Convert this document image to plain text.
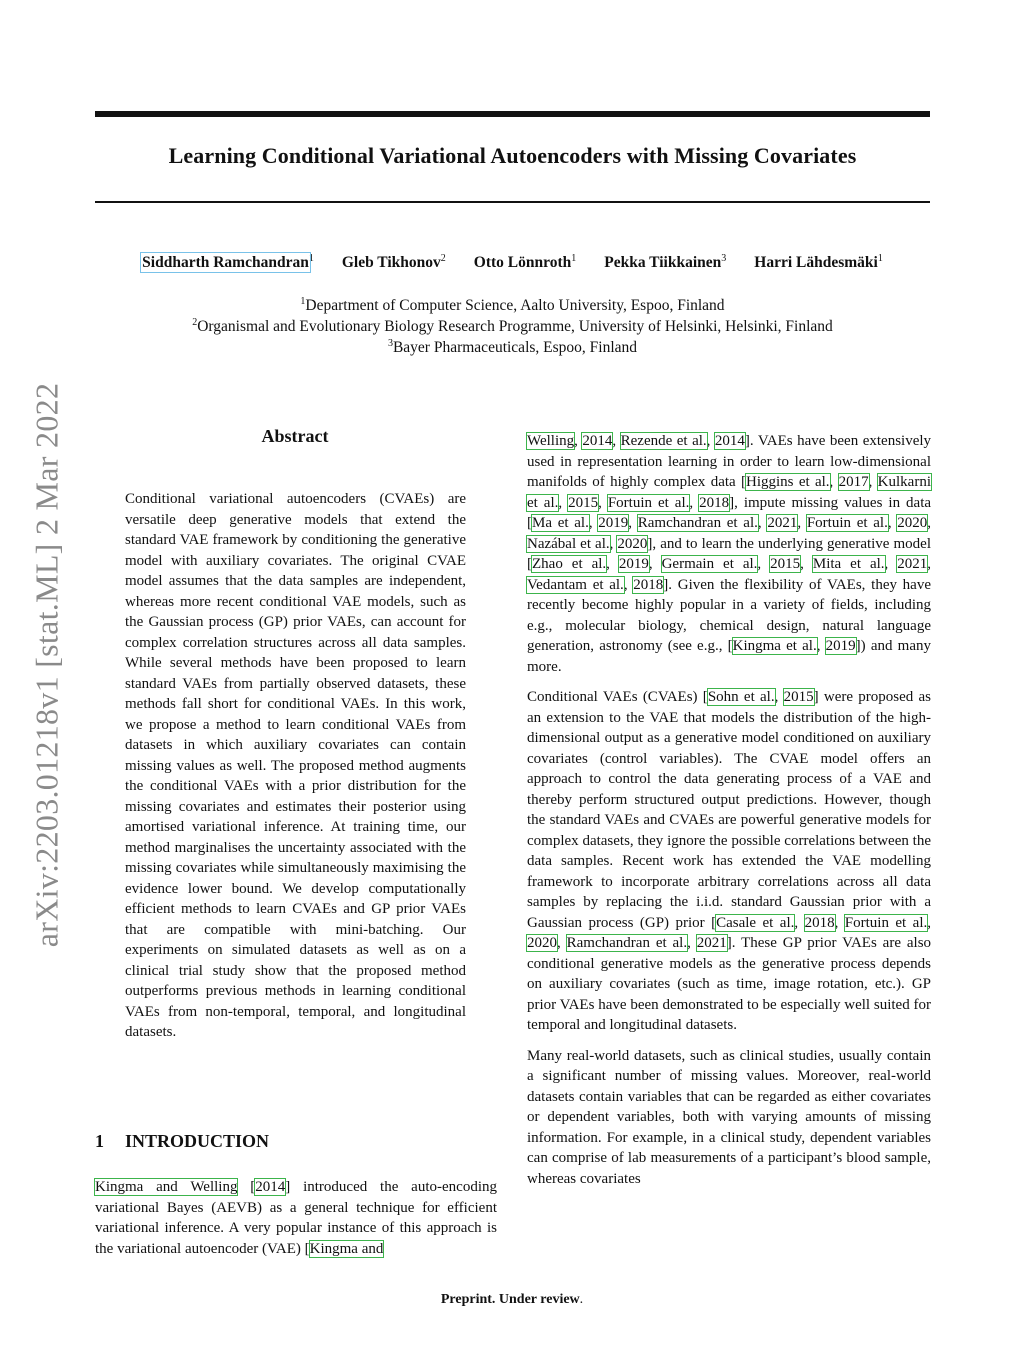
Learning Conditional Variational Autoencoders with Missing Covariates
Siddharth Ramchandran$^1$ Gleb Tikhonov$^2$ Otto Lönnroth$^1$ Pekka Tiikkainen$^3$ Harri Lähdesmäki$^1$
$^1$Department of Computer Science, Aalto University, Espoo, Finland
$^2$Organismal and Evolutionary Biology Research Programme, University of Helsinki, Helsinki, Finland
$^3$Bayer Pharmaceuticals, Espoo, Finland
arXiv:2203.01218v1 [stat.ML] 2 Mar 2022	Abstract
Conditional variational autoencoders (CVAEs) are versatile deep generative models that extend the standard VAE framework by conditioning the generative model with auxiliary covariates. The original CVAE model assumes that the data samples are independent, whereas more recent conditional VAE models, such as the Gaussian process (GP) prior VAEs, can account for complex correlation structures across all data samples. While several methods have been proposed to learn standard VAEs from partially observed datasets, these methods fall short for conditional VAEs. In this work, we propose a method to learn conditional VAEs from datasets in which auxiliary covariates can contain missing values as well. The proposed method augments the conditional VAEs with a prior distribution for the missing covariates and estimates their posterior using amortised variational inference. At training time, our method marginalises the uncertainty associated with the missing covariates while simultaneously maximising the evidence lower bound. We develop computationally efficient methods to learn CVAEs and GP prior VAEs that are compatible with mini-batching. Our experiments on simulated datasets as well as on a clinical trial study show that the proposed method outperforms previous methods in learning conditional VAEs from non-temporal, temporal, and longitudinal datasets.
1 INTRODUCTION
Kingma and Welling [2014] introduced the auto-encoding variational Bayes (AEVB) as a general technique for efficient variational inference. A very popular instance of this approach is the variational autoencoder (VAE) [Kingma and

Welling, 2014, Rezende et al., 2014]. VAEs have been extensively used in representation learning in order to learn low-dimensional manifolds of highly complex data [Higgins et al., 2017, Kulkarni et al., 2015, Fortuin et al., 2018], impute missing values in data [Ma et al., 2019, Ramchandran et al., 2021, Fortuin et al., 2020, Nazábal et al., 2020], and to learn the underlying generative model [Zhao et al., 2019, Germain et al., 2015, Mita et al., 2021, Vedantam et al., 2018]. Given the flexibility of VAEs, they have recently become highly popular in a variety of fields, including e.g., molecular biology, chemical design, natural language generation, astronomy (see e.g., [Kingma et al., 2019]) and many more.

Conditional VAEs (CVAEs) [Sohn et al., 2015] were proposed as an extension to the VAE that models the distribution of the high-dimensional output as a generative model conditioned on auxiliary covariates (control variables). The CVAE model offers an approach to control the data generating process of a VAE and thereby perform structured output predictions. However, though the standard VAEs and CVAEs are powerful generative models for complex datasets, they ignore the possible correlations between the data samples. Recent work has extended the VAE modelling framework to incorporate arbitrary correlations across all data samples by replacing the i.i.d. standard Gaussian prior with a Gaussian process (GP) prior [Casale et al., 2018, Fortuin et al., 2020, Ramchandran et al., 2021]. These GP prior VAEs are also conditional generative models as the generative process depends on auxiliary covariates (such as time, image rotation, etc.). GP prior VAEs have been demonstrated to be especially well suited for temporal and longitudinal datasets.

Many real-world datasets, such as clinical studies, usually contain a significant number of missing values. Moreover, real-world datasets contain variables that can be regarded as either covariates or dependent variables, both with varying amounts of missing information. For example, in a clinical study, dependent variables can comprise of lab measurements of a participant’s blood sample, whereas covariates

Preprint. Under review.
